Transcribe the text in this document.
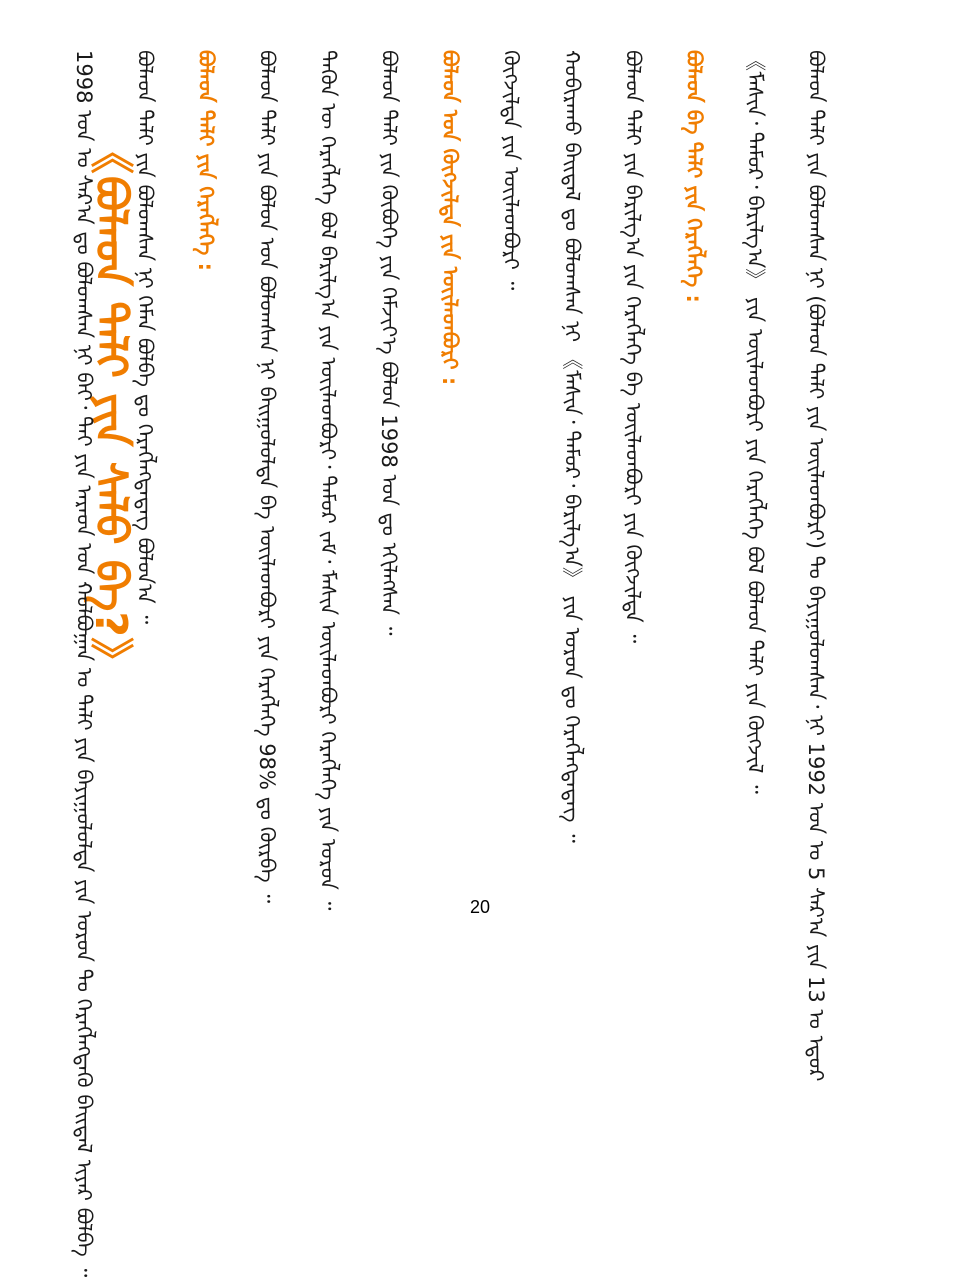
《ᠪᠣᠯᠠᠳ ᠲᠠᠯᠢ ᠶᠢᠨ ᠰᠠᠯᠤ ᠪᠡ?》
1998 ᠣᠨ ᠤ ᠰᠠᠷ᠎ᠠ ᠳᠤ ᠪᠣᠯᠤᠭᠰᠠᠨ ᠨᠢ ᠪᠠᠢ᠂ ᠲᠠᠢ ᠶᠢᠨ ᠠᠷᠠᠳ ᠤᠨ ᠬᠣᠯᠪᠣᠭᠠᠨ ᠤ ᠲᠠᠯᠢ ᠶᠢᠨ ᠪᠠᠶᠢᠭᠤᠯᠤᠯᠲᠠ ᠶᠢᠨ ᠣᠷᠤᠨ ᠲᠤ ᠬᠡᠷᠡᠭᠯᠡᠭᠳᠡᠬᠦ ᠪᠠᠢ᠌ᠳᠠᠯ ᠢᠶᠠᠷ ᠪᠣᠯᠪᠠ ᠃ ᠪᠣᠯᠠᠳ ᠲᠠᠯᠢ ᠶᠢᠨ ᠪᠣᠯᠤᠭᠰᠠᠨ ᠨᠢ ᠬᠡᠮᠡᠨ ᠪᠣᠯᠪᠠ ᠳᠤ ᠬᠡᠷᠡᠭᠯᠡᠭᠳᠡᠳᠡᠭ ᠪᠣᠯᠤᠨ᠎ᠠ ᠃ ᠪᠣᠯᠠᠳ ᠲᠠᠯᠢ ᠶᠢᠨ ᠬᠡᠷᠡᠭᠯᠡᠭᠡ : ᠪᠣᠯᠠᠳ ᠲᠠᠯᠢ ᠶᠢᠨ ᠪᠣᠯᠤᠨ ᠡᠳ ᠪᠣᠯᠤᠭᠰᠠᠨ ᠨᠢ ᠪᠠᠢᠭᠤᠯᠤᠯᠲᠠ ᠪᠠ ᠦᠢᠯᠡᠳᠪᠦᠷᠢ ᠶᠢᠨ ᠬᠡᠷᠡᠭᠯᠡᠭᠡ 98% ᠳᠤ ᠬᠦᠷᠪᠡ ᠃ ᠲᠡᠭᠦᠨ ᠦ ᠬᠡᠷᠡᠭᠯᠡᠭᠡ ᠪᠣᠯ ᠪᠠᠷᠢᠯᠭ᠎ᠠ ᠶᠢᠨ ᠦᠢᠯᠡᠳᠪᠦᠷᠢ᠂ ᠲᠡᠮᠦᠷ ᠵᠠᠮ᠂ ᠮᠠᠰᠢᠨ ᠦᠢᠯᠡᠳᠪᠦᠷᠢ ᠬᠡᠷᠡᠭᠯᠡᠭᠡ ᠶᠢᠨ ᠣᠷᠤᠨ ᠃ ᠪᠣᠯᠠᠳ ᠲᠠᠯᠢ ᠶᠢᠨ ᠬᠦᠪᠦᠭᠡ ᠶᠢᠨ ᠬᠡᠮᠵᠢᠶ᠎ᠡ ᠪᠣᠯᠤᠨ 1998 ᠣᠨ ᠳᠤ ᠡᠬᠢᠯᠡᠭᠰᠡᠨ ᠃ ᠪᠣᠯᠠᠳ ᠤᠨ ᠬᠦᠭᠵᠢᠯᠲᠡ ᠶᠢᠨ ᠦᠢᠯᠡᠳᠪᠦᠷᠢ : ᠬᠦᠭᠵᠢᠯᠲᠡ ᠶᠢᠨ ᠦᠢᠯᠡᠳᠪᠦᠷᠢ ᠃ ᠬᠣᠪᠢᠷᠠᠬᠤ ᠪᠠᠢᠳᠠᠯ ᠳᠤ ᠪᠣᠯᠤᠭᠰᠠᠨ ᠨᠢ 《ᠮᠠᠰᠢᠨ᠂ ᠲᠡᠮᠦᠷ᠂ ᠪᠠᠷᠢᠯᠭ᠎ᠠ》 ᠶᠢᠨ ᠣᠷᠤᠨ ᠳᠤ ᠬᠡᠷᠡᠭᠯᠡᠭᠳᠡᠳᠡᠭ ᠃ ᠪᠣᠯᠠᠳ ᠲᠠᠯᠢ ᠶᠢᠨ ᠪᠠᠷᠢᠯᠭ᠎ᠠ ᠶᠢᠨ ᠬᠡᠷᠡᠭᠯᠡᠭᠡ ᠪᠠ ᠦᠢᠯᠡᠳᠪᠦᠷᠢ ᠶᠢᠨ ᠬᠦᠭᠵᠢᠯᠲᠡ ᠃ ᠪᠣᠯᠠᠳ ᠪᠠ ᠲᠠᠯᠢ ᠶᠢᠨ ᠬᠡᠷᠡᠭᠯᠡᠭᠡ : 《ᠮᠠᠰᠢᠨ᠂ ᠲᠡᠮᠦᠷ᠂ ᠪᠠᠷᠢᠯᠭ᠎ᠠ》 ᠶᠢᠨ ᠦᠢᠯᠡᠳᠪᠦᠷᠢ ᠶᠢᠨ ᠬᠡᠷᠡᠭᠯᠡᠭᠡ ᠪᠣᠯ ᠪᠣᠯᠠᠳ ᠲᠠᠯᠢ ᠶᠢᠨ ᠬᠦᠭᠵᠢᠯ ᠃ ᠪᠣᠯᠠᠳ ᠲᠠᠯᠢ ᠶᠢᠨ ᠪᠣᠯᠤᠭᠰᠠᠨ ᠨᠢ (ᠪᠣᠯᠠᠳ ᠲᠠᠯᠢ ᠶᠢᠨ ᠦᠢᠯᠡᠳᠪᠦᠷᠢ) ᠲᠤ ᠪᠠᠶᠢᠭᠤᠯᠤᠭᠰᠠᠨ᠂ ᠨᠢ 1992 ᠣᠨ ᠤ 5 ᠰᠠᠷ᠎ᠠ ᠶᠢᠨ 13 ᠤ ᠡᠳᠦᠷ
20
